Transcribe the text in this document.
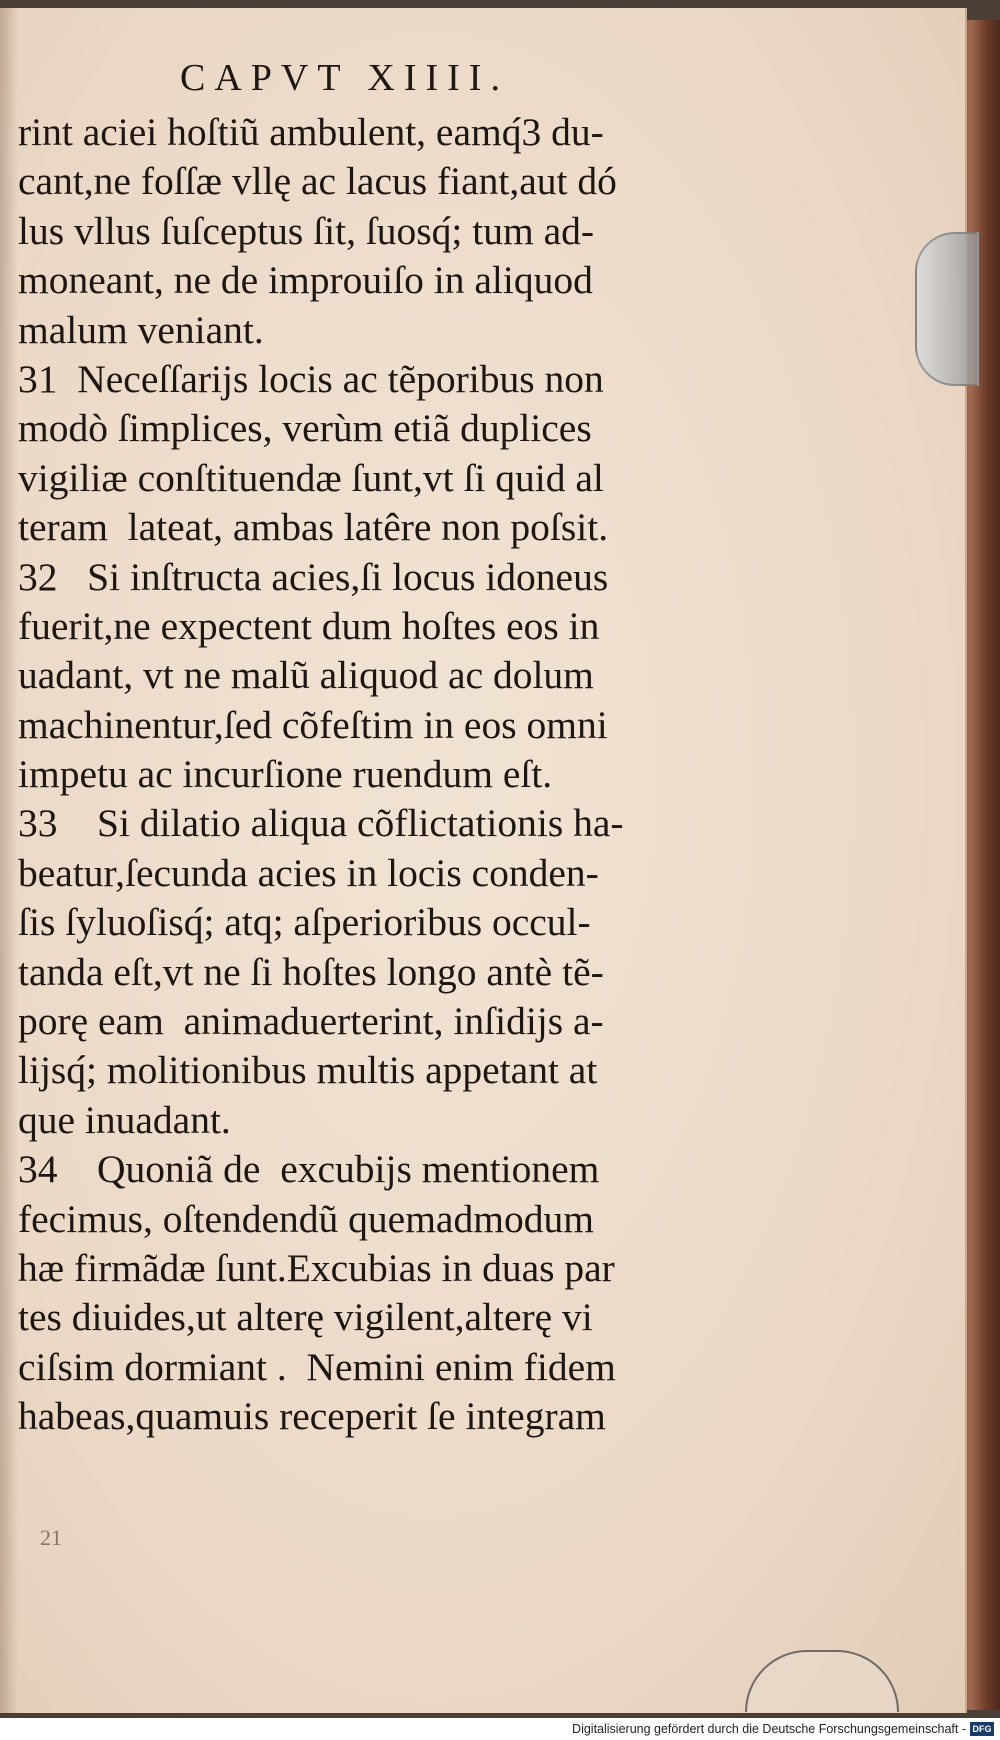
CAPVT XIIII.
rint aciei hoſtiũ ambulent, eamq́3 du-
cant,ne foſſæ vllę ac lacus fiant,aut dó
lus vllus ſuſceptus ſit, ſuosq́; tum ad-
moneant, ne de improuiſo in aliquod
malum veniant.
31  Neceſſarijs locis ac tẽporibus non
modò ſimplices, verùm etiã duplices
vigiliæ conſtituendæ ſunt,vt ſi quid al
teram  lateat, ambas latêre non poſsit.
32   Si inſtructa acies,ſi locus idoneus
fuerit,ne expectent dum hoſtes eos in
uadant, vt ne malũ aliquod ac dolum
machinentur,ſed cõfeſtim in eos omni
impetu ac incurſione ruendum eſt.
33    Si dilatio aliqua cõflictationis ha-
beatur,ſecunda acies in locis conden-
ſis ſyluoſisq́; atq; aſperioribus occul-
tanda eſt,vt ne ſi hoſtes longo antè tẽ-
porę eam  animaduerterint, inſidijs a-
lijsq́; molitionibus multis appetant at
que inuadant.
34    Quoniã de  excubijs mentionem
fecimus, oſtendendũ quemadmodum
hæ firmãdæ ſunt.Excubias in duas par
tes diuides,ut alterę vigilent,alterę vi
ciſsim dormiant .  Nemini enim fidem
habeas,quamuis receperit ſe integram
21
Digitalisierung gefördert durch die Deutsche Forschungsgemeinschaft - DFG
